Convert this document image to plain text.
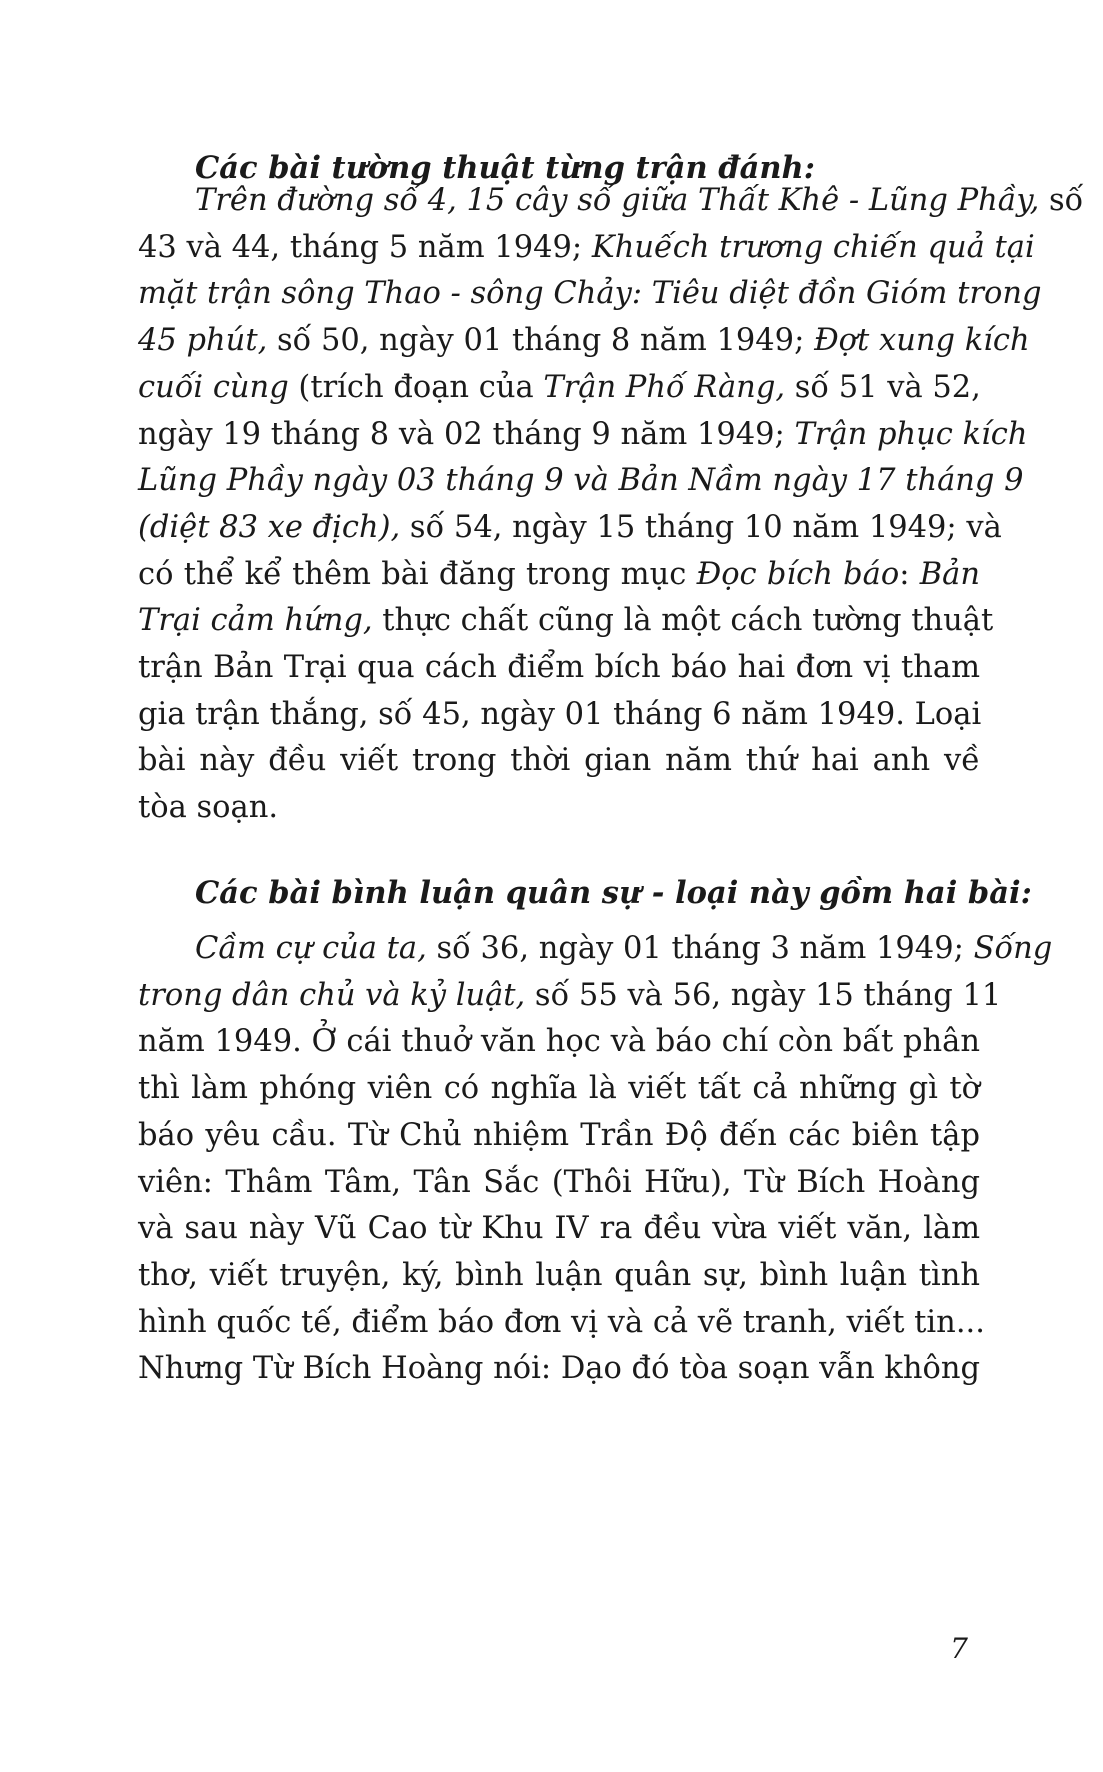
Các bài tường thuật từng trận đánh:
Trên đường số 4, 15 cây số giữa Thất Khê - Lũng Phầy, số
43 và 44, tháng 5 năm 1949; Khuếch trương chiến quả tại
mặt trận sông Thao - sông Chảy: Tiêu diệt đồn Gióm trong
45 phút, số 50, ngày 01 tháng 8 năm 1949; Đợt xung kích
cuối cùng (trích đoạn của Trận Phố Ràng, số 51 và 52,
ngày 19 tháng 8 và 02 tháng 9 năm 1949; Trận phục kích
Lũng Phầy ngày 03 tháng 9 và Bản Nầm ngày 17 tháng 9
(diệt 83 xe địch), số 54, ngày 15 tháng 10 năm 1949; và
có thể kể thêm bài đăng trong mục Đọc bích báo: Bản
Trại cảm hứng, thực chất cũng là một cách tường thuật
trận Bản Trại qua cách điểm bích báo hai đơn vị tham
gia trận thắng, số 45, ngày 01 tháng 6 năm 1949. Loại
bài này đều viết trong thời gian năm thứ hai anh về
tòa soạn.
Các bài bình luận quân sự - loại này gồm hai bài:
Cầm cự của ta, số 36, ngày 01 tháng 3 năm 1949; Sống
trong dân chủ và kỷ luật, số 55 và 56, ngày 15 tháng 11
năm 1949. Ở cái thuở văn học và báo chí còn bất phân
thì làm phóng viên có nghĩa là viết tất cả những gì tờ
báo yêu cầu. Từ Chủ nhiệm Trần Độ đến các biên tập
viên: Thâm Tâm, Tân Sắc (Thôi Hữu), Từ Bích Hoàng
và sau này Vũ Cao từ Khu IV ra đều vừa viết văn, làm
thơ, viết truyện, ký, bình luận quân sự, bình luận tình
hình quốc tế, điểm báo đơn vị và cả vẽ tranh, viết tin...
Nhưng Từ Bích Hoàng nói: Dạo đó tòa soạn vẫn không
7
